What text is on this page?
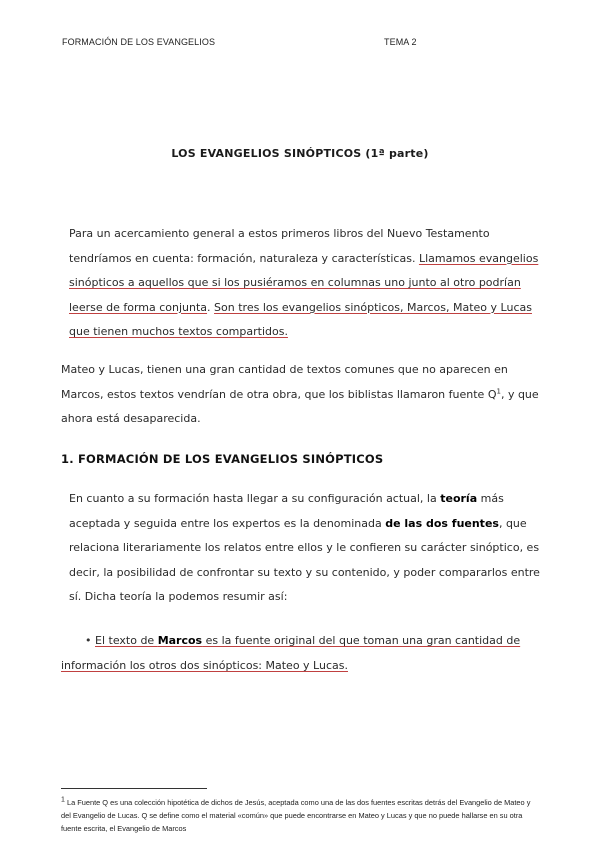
FORMACIÓN DE LOS EVANGELIOS	TEMA 2
LOS EVANGELIOS SINÓPTICOS (1ª parte)
Para un acercamiento general a estos primeros libros del Nuevo Testamento tendríamos en cuenta: formación, naturaleza y características. Llamamos evangelios sinópticos a aquellos que si los pusiéramos en columnas uno junto al otro podrían leerse de forma conjunta. Son tres los evangelios sinópticos, Marcos, Mateo y Lucas que tienen muchos textos compartidos.
Mateo y Lucas, tienen una gran cantidad de textos comunes que no aparecen en Marcos, estos textos vendrían de otra obra, que los biblistas llamaron fuente $Q^1$, y que ahora está desaparecida.
1. FORMACIÓN DE LOS EVANGELIOS SINÓPTICOS
En cuanto a su formación hasta llegar a su configuración actual, la teoría más aceptada y seguida entre los expertos es la denominada de las dos fuentes, que relaciona literariamente los relatos entre ellos y le confieren su carácter sinóptico, es decir, la posibilidad de confrontar su texto y su contenido, y poder compararlos entre sí. Dicha teoría la podemos resumir así:
• El texto de Marcos es la fuente original del que toman una gran cantidad de información los otros dos sinópticos: Mateo y Lucas.
$^1$ La Fuente Q es una colección hipotética de dichos de Jesús, aceptada como una de las dos fuentes escritas detrás del Evangelio de Mateo y del Evangelio de Lucas. Q se define como el material «común» que puede encontrarse en Mateo y Lucas y que no puede hallarse en su otra fuente escrita, el Evangelio de Marcos
